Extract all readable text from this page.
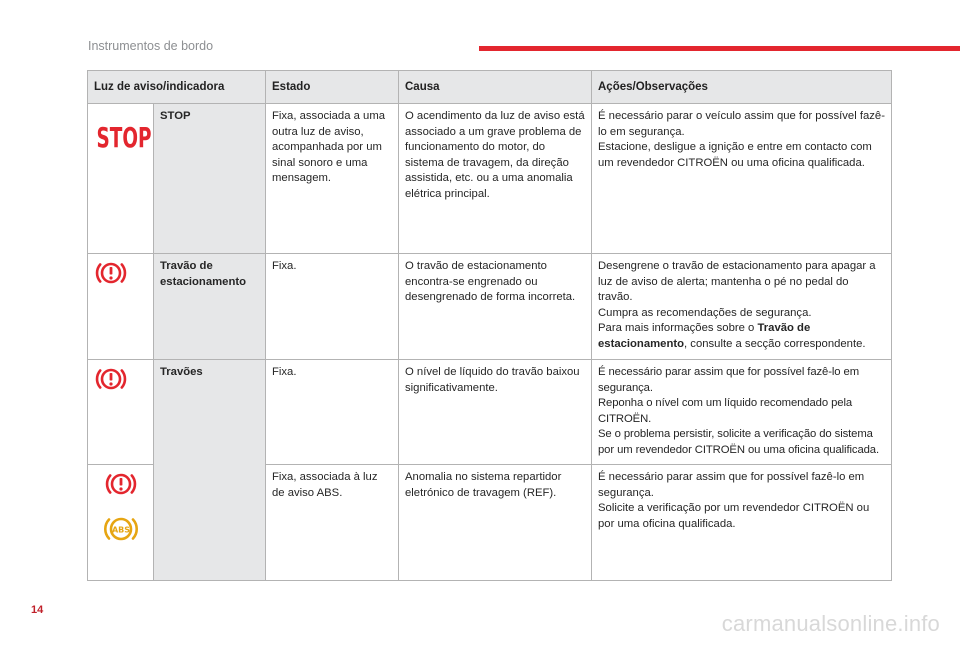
Instrumentos de bordo
Luz de aviso/indicadora		Estado	Causa	Ações/Observações

STOP	STOP	Fixa, associada a uma outra luz de aviso, acompanhada por um sinal sonoro e uma mensagem.	O acendimento da luz de aviso está associado a um grave problema de funcionamento do motor, do sistema de travagem, da direção assistida, etc. ou a uma anomalia elétrica principal.	É necessário parar o veículo assim que for possível fazê-lo em segurança.
Estacione, desligue a ignição e entre em contacto com um revendedor CITROËN ou uma oficina qualificada.

	Travão de estacionamento	Fixa.	O travão de estacionamento encontra-se engrenado ou desengrenado de forma incorreta.	Desengrene o travão de estacionamento para apagar a luz de aviso de alerta; mantenha o pé no pedal do travão.
Cumpra as recomendações de segurança.
Para mais informações sobre o Travão de estacionamento, consulte a secção correspondente.

	Travões	Fixa.	O nível de líquido do travão baixou significativamente.	É necessário parar assim que for possível fazê-lo em segurança.
Reponha o nível com um líquido recomendado pela CITROËN.
Se o problema persistir, solicite a verificação do sistema por um revendedor CITROËN ou uma oficina qualificada.

ABS		Fixa, associada à luz de aviso ABS.	Anomalia no sistema repartidor eletrónico de travagem (REF).	É necessário parar assim que for possível fazê-lo em segurança.
Solicite a verificação por um revendedor CITROËN ou por uma oficina qualificada.
14
carmanualsonline.info
